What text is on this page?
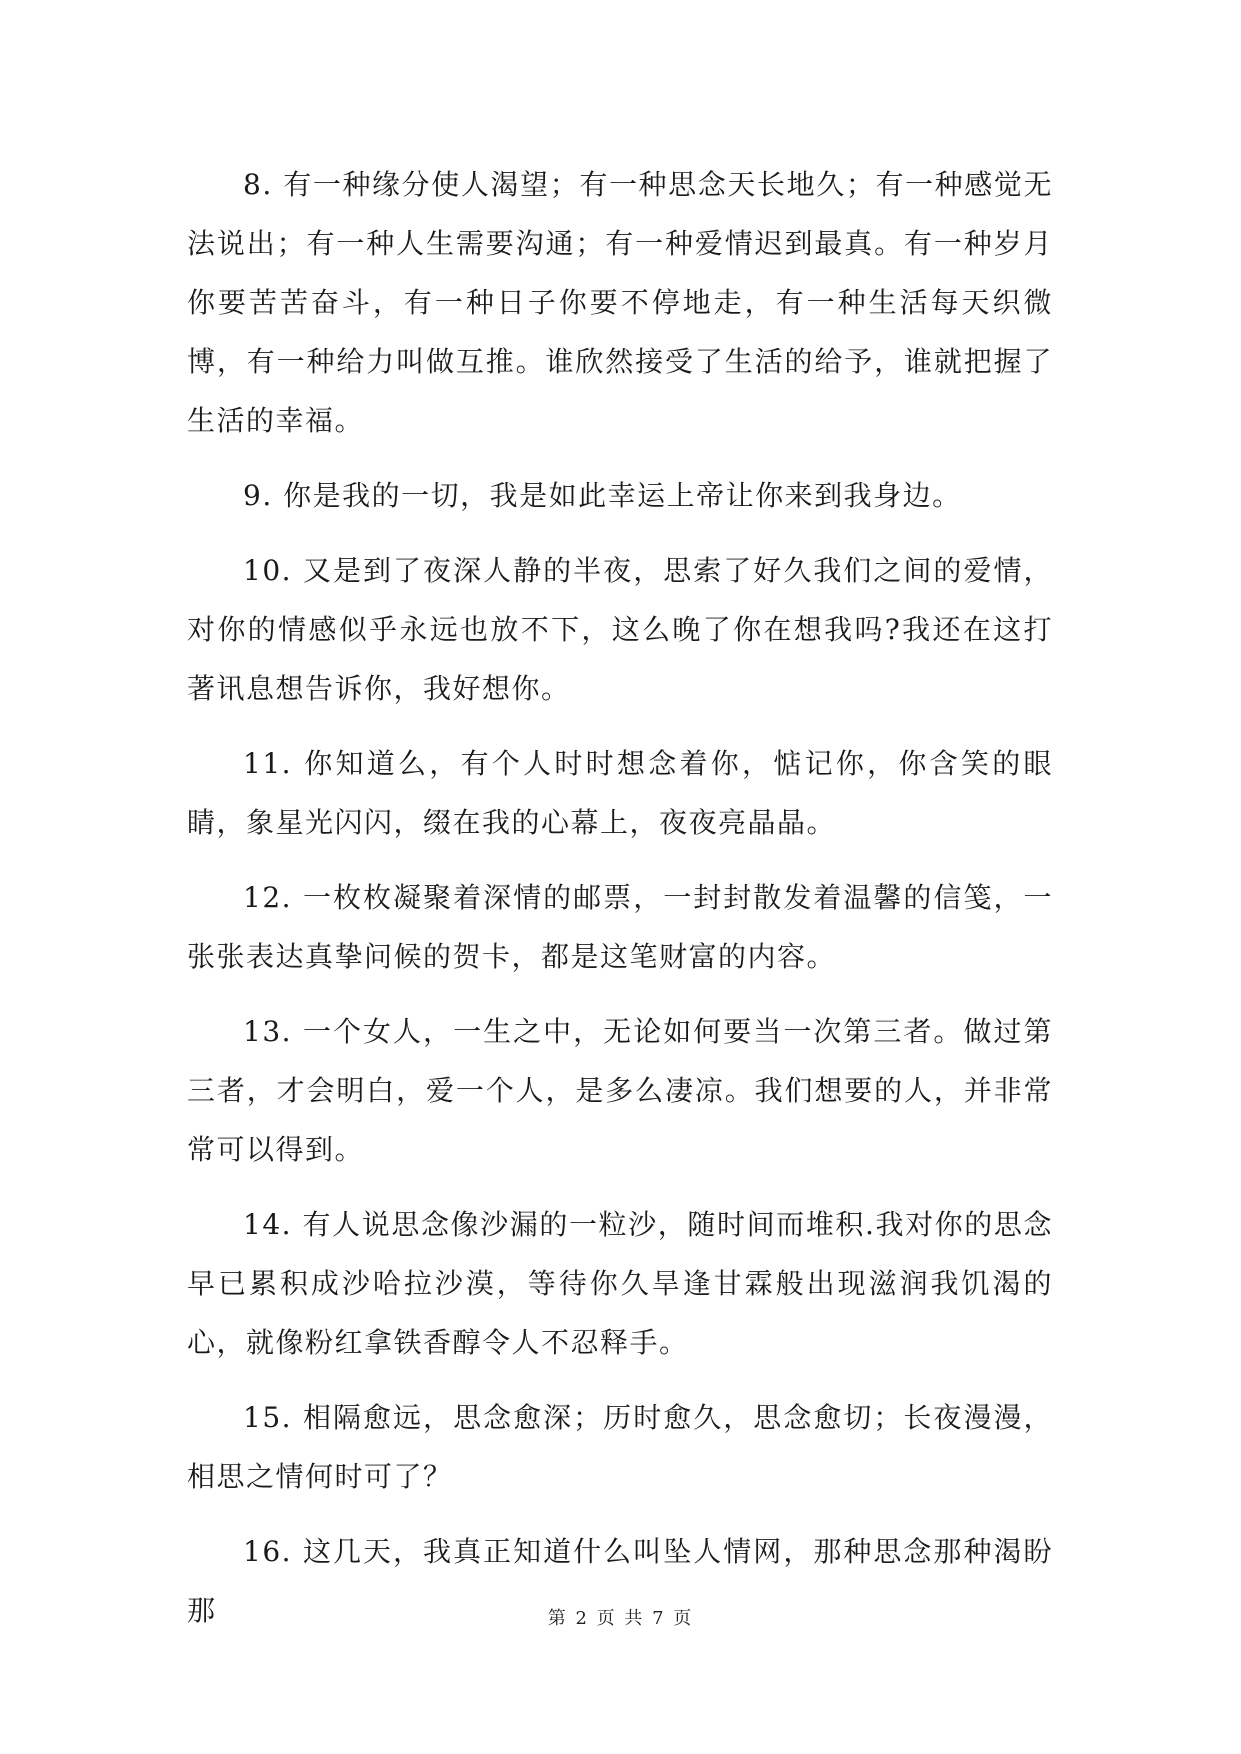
8. 有一种缘分使人渴望；有一种思念天长地久；有一种感觉无法说出；有一种人生需要沟通；有一种爱情迟到最真。有一种岁月你要苦苦奋斗，有一种日子你要不停地走，有一种生活每天织微博，有一种给力叫做互推。谁欣然接受了生活的给予，谁就把握了生活的幸福。

9. 你是我的一切，我是如此幸运上帝让你来到我身边。

10. 又是到了夜深人静的半夜，思索了好久我们之间的爱情，对你的情感似乎永远也放不下，这么晚了你在想我吗?我还在这打著讯息想告诉你，我好想你。

11. 你知道么，有个人时时想念着你，惦记你，你含笑的眼睛，象星光闪闪，缀在我的心幕上，夜夜亮晶晶。

12. 一枚枚凝聚着深情的邮票，一封封散发着温馨的信笺，一张张表达真挚问候的贺卡，都是这笔财富的内容。

13. 一个女人，一生之中，无论如何要当一次第三者。做过第三者，才会明白，爱一个人，是多么凄凉。我们想要的人，并非常常可以得到。

14. 有人说思念像沙漏的一粒沙，随时间而堆积.我对你的思念早已累积成沙哈拉沙漠，等待你久旱逢甘霖般出现滋润我饥渴的心，就像粉红拿铁香醇令人不忍释手。

15. 相隔愈远，思念愈深；历时愈久，思念愈切；长夜漫漫，相思之情何时可了？

16. 这几天，我真正知道什么叫坠人情网，那种思念那种渴盼那	第 2 页 共 7 页
